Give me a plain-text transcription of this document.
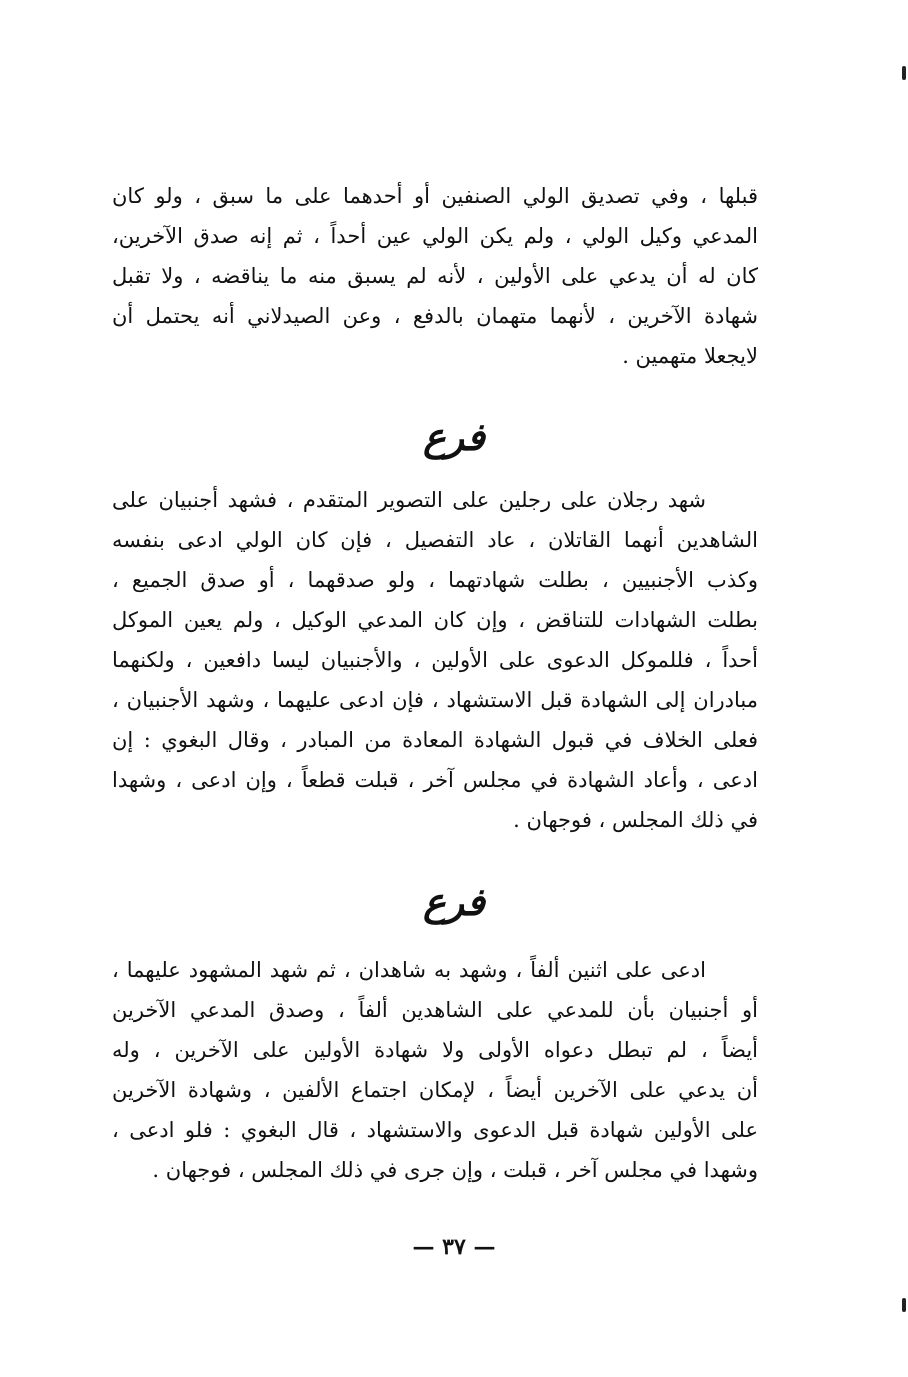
قبلها ، وفي تصديق الولي الصنفين أو أحدهما على ما سبق ، ولو كان
المدعي وكيل الولي ، ولم يكن الولي عين أحداً ، ثم إنه صدق الآخرين،
كان له أن يدعي على الأولين ، لأنه لم يسبق منه ما يناقضه ، ولا تقبل
شهادة الآخرين ، لأنهما متهمان بالدفع ، وعن الصيدلاني أنه يحتمل أن
لايجعلا متهمين .
فرع
شهد رجلان على رجلين على التصوير المتقدم ، فشهد أجنبيان على
الشاهدين أنهما القاتلان ، عاد التفصيل ، فإن كان الولي ادعى بنفسه
وكذب الأجنبيين ، بطلت شهادتهما ، ولو صدقهما ، أو صدق الجميع ،
بطلت الشهادات للتناقض ، وإن كان المدعي الوكيل ، ولم يعين الموكل
أحداً ، فللموكل الدعوى على الأولين ، والأجنبيان ليسا دافعين ، ولكنهما
مبادران إلى الشهادة قبل الاستشهاد ، فإن ادعى عليهما ، وشهد الأجنبيان ،
فعلى الخلاف في قبول الشهادة المعادة من المبادر ، وقال البغوي : إن
ادعى ، وأعاد الشهادة في مجلس آخر ، قبلت قطعاً ، وإن ادعى ، وشهدا
في ذلك المجلس ، فوجهان .
فرع
ادعى على اثنين ألفاً ، وشهد به شاهدان ، ثم شهد المشهود عليهما ،
أو أجنبيان بأن للمدعي على الشاهدين ألفاً ، وصدق المدعي الآخرين
أيضاً ، لم تبطل دعواه الأولى ولا شهادة الأولين على الآخرين ، وله
أن يدعي على الآخرين أيضاً ، لإمكان اجتماع الألفين ، وشهادة الآخرين
على الأولين شهادة قبل الدعوى والاستشهاد ، قال البغوي : فلو ادعى ،
وشهدا في مجلس آخر ، قبلت ، وإن جرى في ذلك المجلس ، فوجهان .
— ٣٧ —
